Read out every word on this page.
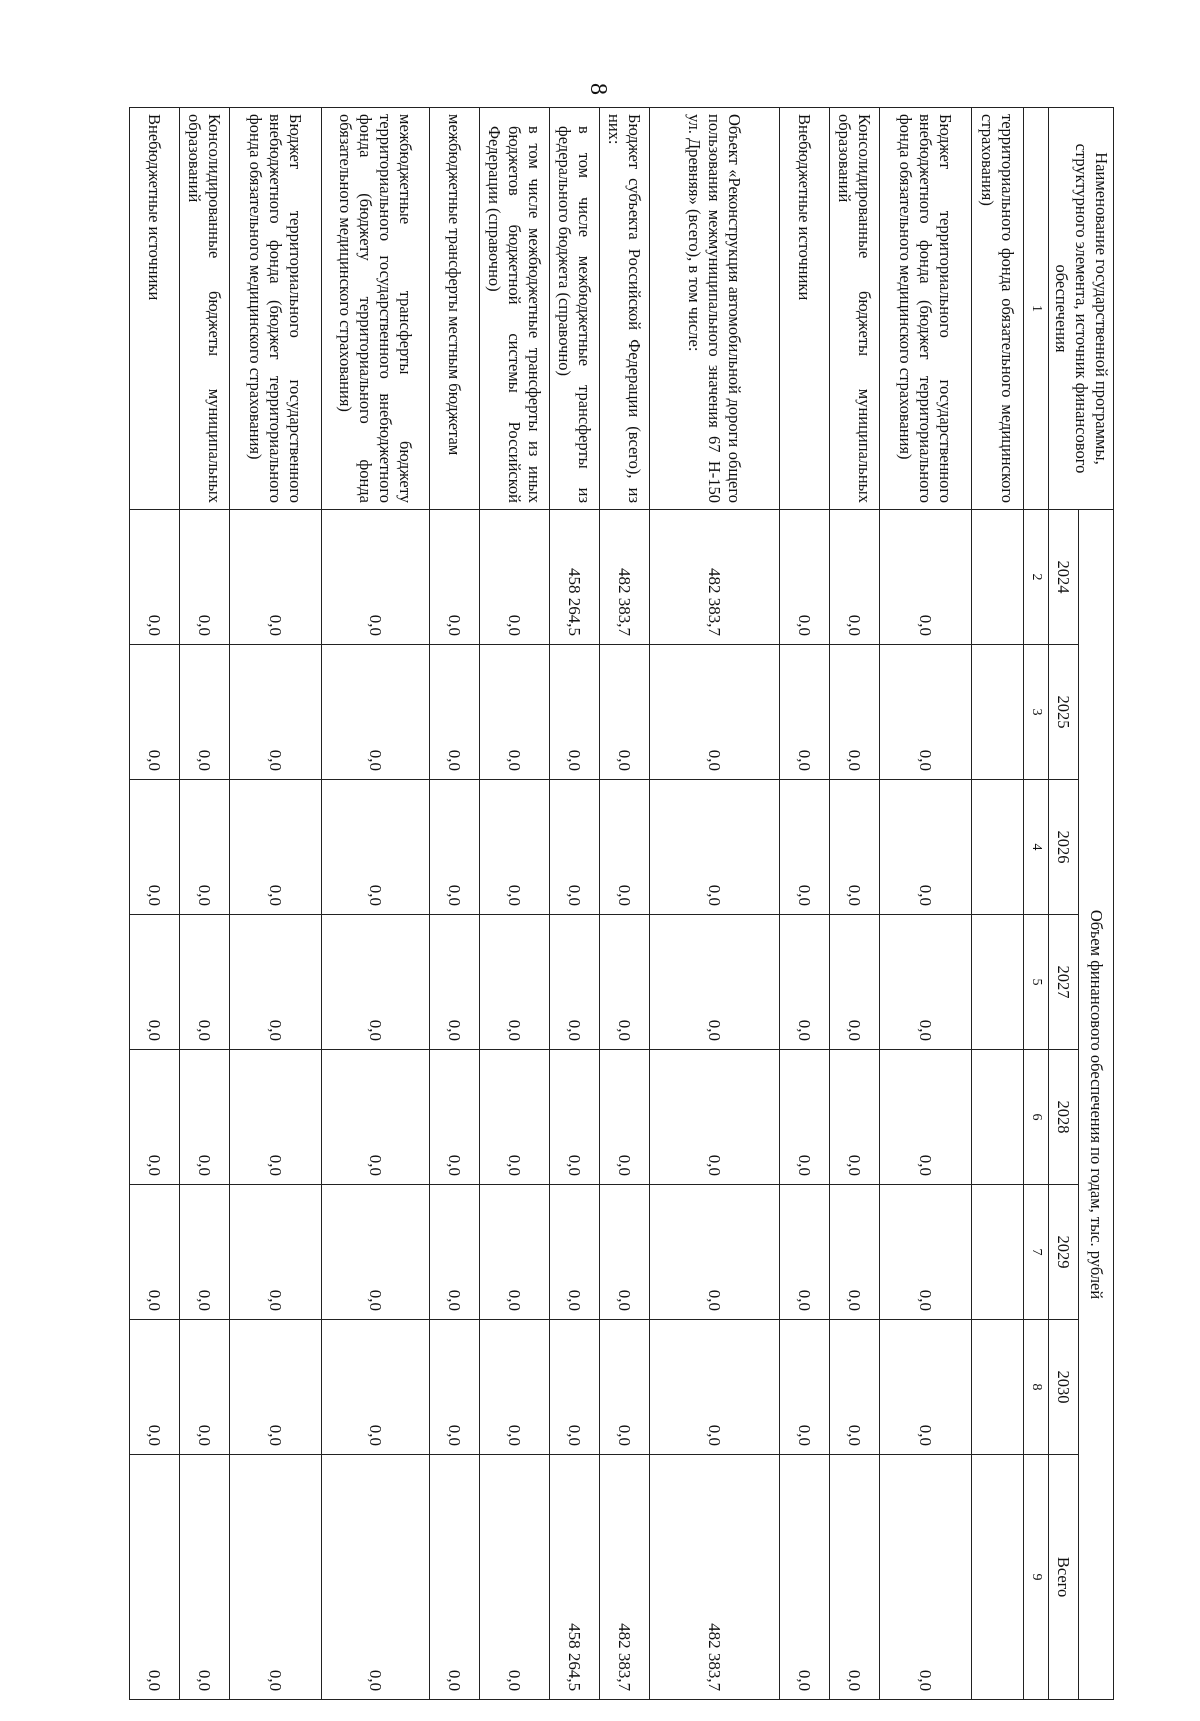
8
Наименование государственной программы, структурного элемента, источник финансового обеспечения	Объем финансового обеспечения по годам, тыс. рублей							
	2024	2025	2026	2027	2028	2029	2030	Всего
1	2	3	4	5	6	7	8	9
территориального фонда обязательного медицинского страхования)								
Бюджет территориального государственного внебюджетного фонда (бюджет территориального фонда обязательного медицинского страхования)	0,0	0,0	0,0	0,0	0,0	0,0	0,0	0,0
Консолидированные бюджеты муниципальных образований	0,0	0,0	0,0	0,0	0,0	0,0	0,0	0,0
Внебюджетные источники	0,0	0,0	0,0	0,0	0,0	0,0	0,0	0,0
Объект «Реконструкция автомобильной дороги общего пользования межмуниципального значения 67 Н-150 ул. Древняя» (всего), в том числе:	482 383,7	0,0	0,0	0,0	0,0	0,0	0,0	482 383,7
Бюджет субъекта Российской Федерации (всего), из них:	482 383,7	0,0	0,0	0,0	0,0	0,0	0,0	482 383,7
в том числе межбюджетные трансферты из федерального бюджета (справочно)	458 264,5	0,0	0,0	0,0	0,0	0,0	0,0	458 264,5
в том числе межбюджетные трансферты из иных бюджетов бюджетной системы Российской Федерации (справочно)	0,0	0,0	0,0	0,0	0,0	0,0	0,0	0,0
межбюджетные трансферты местным бюджетам	0,0	0,0	0,0	0,0	0,0	0,0	0,0	0,0
межбюджетные трансферты бюджету территориального государственного внебюджетного фонда (бюджету территориального фонда обязательного медицинского страхования)	0,0	0,0	0,0	0,0	0,0	0,0	0,0	0,0
Бюджет территориального государственного внебюджетного фонда (бюджет территориального фонда обязательного медицинского страхования)	0,0	0,0	0,0	0,0	0,0	0,0	0,0	0,0
Консолидированные бюджеты муниципальных образований	0,0	0,0	0,0	0,0	0,0	0,0	0,0	0,0
Внебюджетные источники	0,0	0,0	0,0	0,0	0,0	0,0	0,0	0,0
